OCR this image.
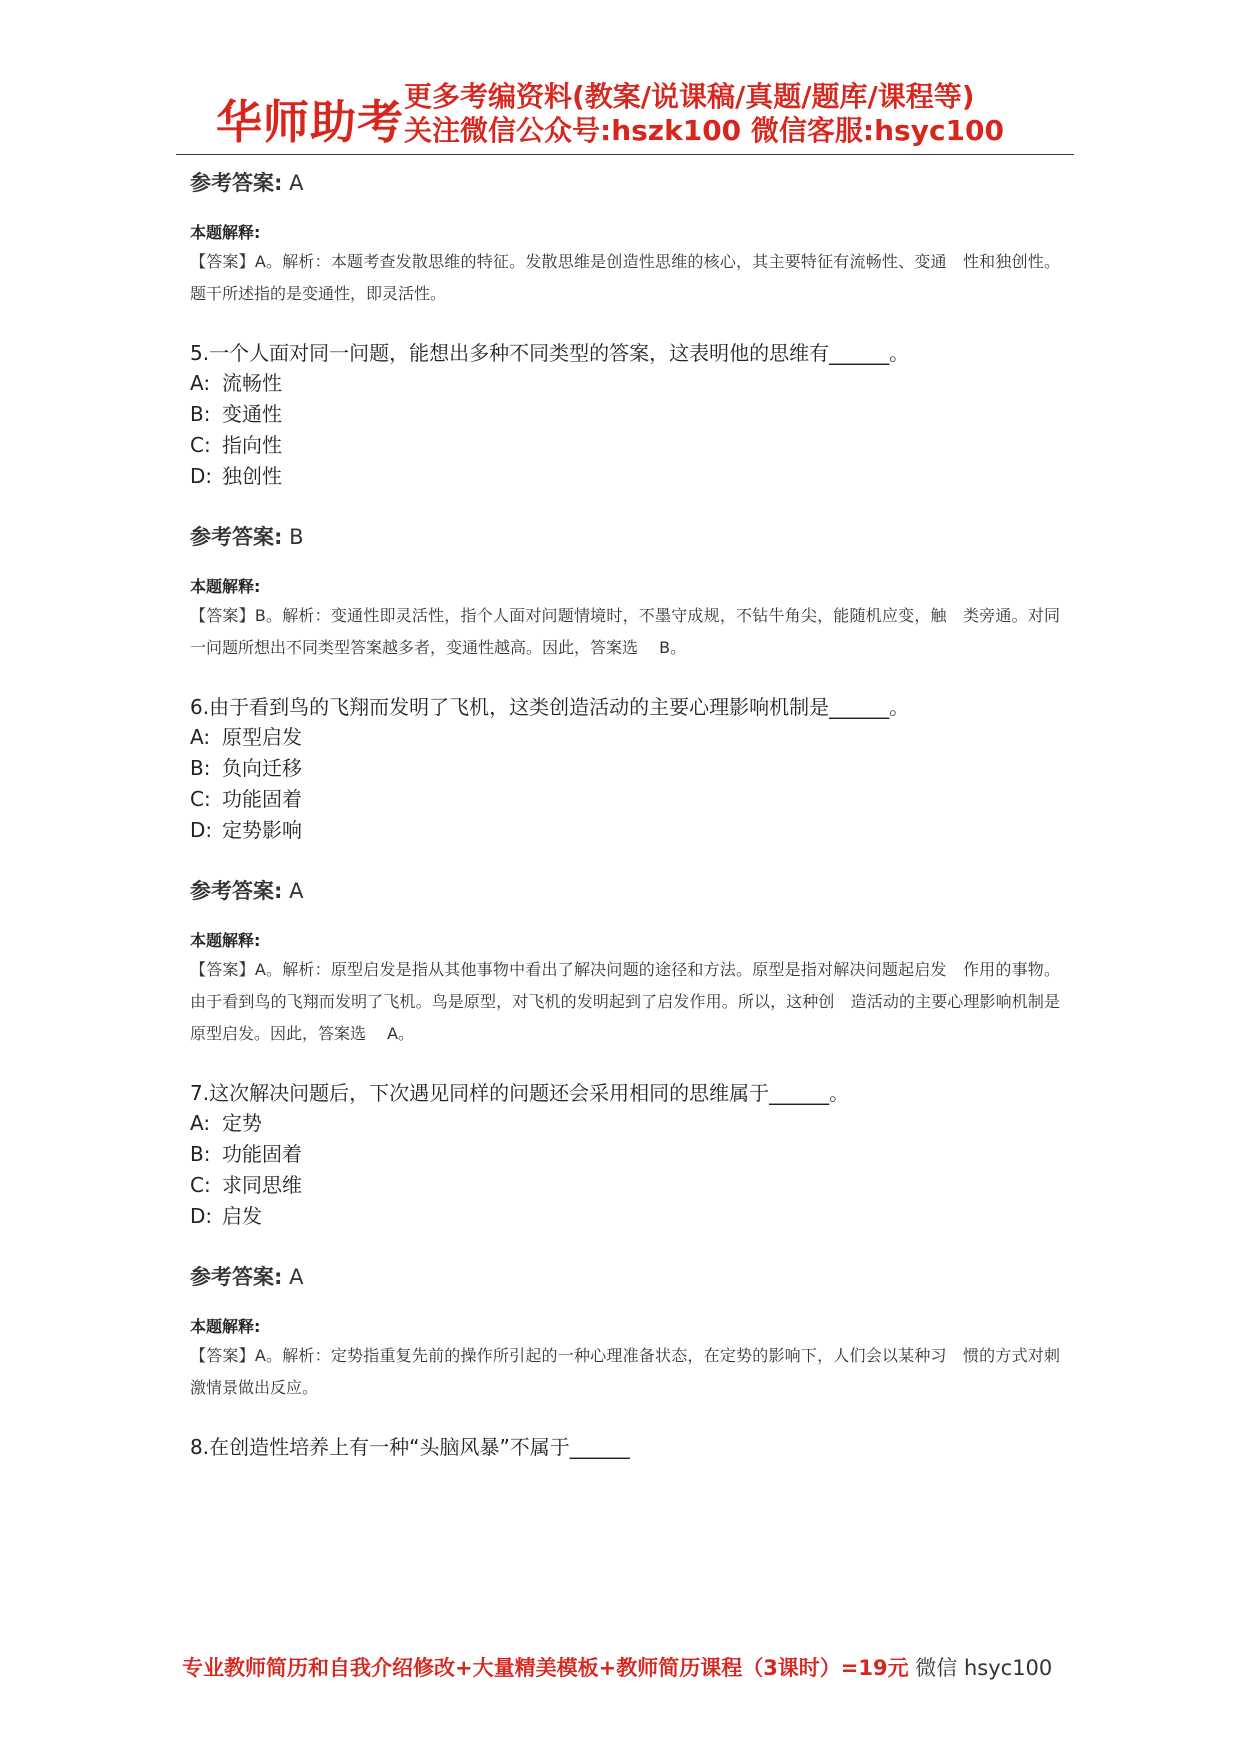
华师助考 更多考编资料(教案/说课稿/真题/题库/课程等)
关注微信公众号:hszk100 微信客服:hsyc100
参考答案: A
本题解释:
【答案】A。解析：本题考查发散思维的特征。发散思维是创造性思维的核心，其主要特征有流畅性、变通　性和独创性。题干所述指的是变通性，即灵活性。
5.一个人面对同一问题，能想出多种不同类型的答案，这表明他的思维有______。
A: 流畅性
B: 变通性
C: 指向性
D: 独创性
参考答案: B
本题解释:
【答案】B。解析：变通性即灵活性，指个人面对问题情境时，不墨守成规，不钻牛角尖，能随机应变，触　类旁通。对同一问题所想出不同类型答案越多者，变通性越高。因此，答案选　 B。
6.由于看到鸟的飞翔而发明了飞机，这类创造活动的主要心理影响机制是______。
A: 原型启发
B: 负向迁移
C: 功能固着
D: 定势影响
参考答案: A
本题解释:
【答案】A。解析：原型启发是指从其他事物中看出了解决问题的途径和方法。原型是指对解决问题起启发　作用的事物。由于看到鸟的飞翔而发明了飞机。鸟是原型，对飞机的发明起到了启发作用。所以，这种创　造活动的主要心理影响机制是原型启发。因此，答案选　 A。
7.这次解决问题后，下次遇见同样的问题还会采用相同的思维属于______。
A: 定势
B: 功能固着
C: 求同思维
D: 启发
参考答案: A
本题解释:
【答案】A。解析：定势指重复先前的操作所引起的一种心理准备状态，在定势的影响下，人们会以某种习　惯的方式对刺激情景做出反应。
8.在创造性培养上有一种“头脑风暴”不属于______
专业教师简历和自我介绍修改+大量精美模板+教师简历课程（3课时）=19元 微信 hsyc100
